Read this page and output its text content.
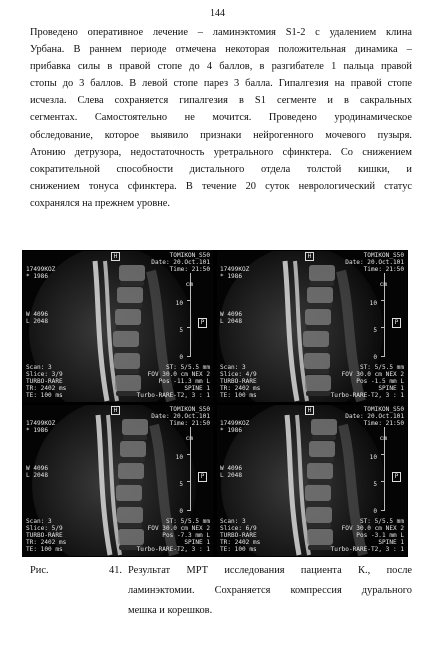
144

Проведено оперативное лечение – ламинэктомия S1-2 с удалением клина

Урбана. В раннем периоде отмечена некоторая положительная динамика –

прибавка силы в правой стопе до 4 баллов, в разгибателе 1 пальца правой

стопы до 3 баллов. В левой стопе парез 3 балла. Гипалгезия на правой стопе

исчезла. Слева сохраняется гипалгезия в S1 сегменте и в сакральных

сегментах. Самостоятельно не мочится. Проведено уродинамическое

обследование, которое выявило признаки нейрогенного мочевого пузыря.

Атонию детрузора, недостаточность уретрального сфинктера. Со снижением

сократительной способности дистального отдела толстой кишки, и

снижением тонуса сфинктера. В течение 20 суток неврологический статус

сохранялся на прежнем уровне.

H	TOMIKON_S50
Date: 20.Oct.101
Time: 21:50
17499KOZ
* 1986
W 4096
L 2048
cm
10
5
0
P
Scan: 3
Slice: 3/9
TURBO-RARE
TR: 2402 ms
TE: 100 ms
ST: 5/5.5 mm
FOV 30.0 cm NEX 2
Pos -11.3 mm L
SPINE 1
Turbo-RARE-T2, 3 : 1
H	TOMIKON_S50
Date: 20.Oct.101
Time: 21:50
17499KOZ
* 1986
W 4096
L 2048
cm
10
5
0
P
Scan: 3
Slice: 4/9
TURBO-RARE
TR: 2402 ms
TE: 100 ms
ST: 5/5.5 mm
FOV 30.0 cm NEX 2
Pos -1.5 mm L
SPINE 1
Turbo-RARE-T2, 3 : 1
H	TOMIKON_S50
Date: 20.Oct.101
Time: 21:50
17499KOZ
* 1986
W 4096
L 2048
cm
10
5
0
P
Scan: 3
Slice: 5/9
TURBO-RARE
TR: 2402 ms
TE: 100 ms
ST: 5/5.5 mm
FOV 30.0 cm NEX 2
Pos -7.3 mm L
SPINE 1
Turbo-RARE-T2, 3 : 1
H	TOMIKON_S50
Date: 20.Oct.101
Time: 21:50
17499KOZ
* 1986
W 4096
L 2048
cm
10
5
0
P
Scan: 3
Slice: 6/9
TURBO-RARE
TR: 2402 ms
TE: 100 ms
ST: 5/5.5 mm
FOV 30.0 cm NEX 2
Pos -3.1 mm L
SPINE 1
Turbo-RARE-T2, 3 : 1
Рис.	41. Результат МРТ исследования пациента К., после
ламинэктомии. Сохраняется компрессия дурального
мешка и корешков.
